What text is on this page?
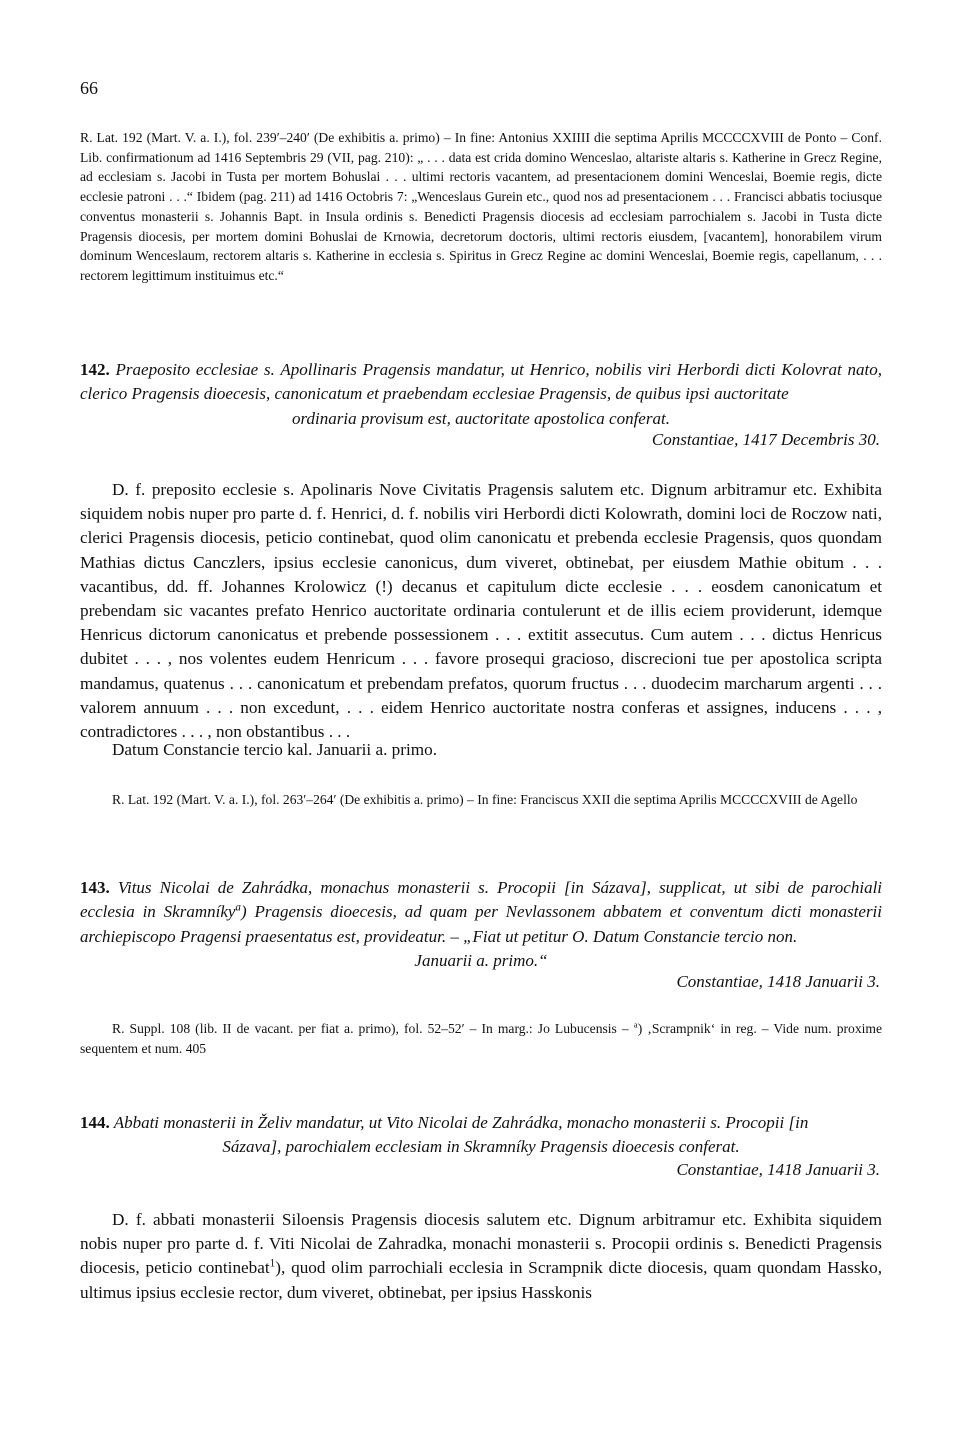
66
R. Lat. 192 (Mart. V. a. I.), fol. 239′–240′ (De exhibitis a. primo) – In fine: Antonius XXIIII die septima Aprilis MCCCCXVIII de Ponto – Conf. Lib. confirmationum ad 1416 Septembris 29 (VII, pag. 210): „ . . . data est crida domino Wenceslao, altariste altaris s. Katherine in Grecz Regine, ad ecclesiam s. Jacobi in Tusta per mortem Bohuslai . . . ultimi rectoris vacantem, ad presentacionem domini Wenceslai, Boemie regis, dicte ecclesie patroni . . .“ Ibidem (pag. 211) ad 1416 Octobris 7: „Wenceslaus Gurein etc., quod nos ad presentacionem . . . Francisci abbatis tociusque conventus monasterii s. Johannis Bapt. in Insula ordinis s. Benedicti Pragensis diocesis ad ecclesiam parrochialem s. Jacobi in Tusta dicte Pragensis diocesis, per mortem domini Bohuslai de Krnowia, decretorum doctoris, ultimi rectoris eiusdem, [vacantem], honorabilem virum dominum Wenceslaum, rectorem altaris s. Katherine in ecclesia s. Spiritus in Grecz Regine ac domini Wenceslai, Boemie regis, capellanum, . . . rectorem legittimum instituimus etc.“
142. Praeposito ecclesiae s. Apollinaris Pragensis mandatur, ut Henrico, nobilis viri Herbordi dicti Kolovrat nato, clerico Pragensis dioecesis, canonicatum et praebendam ecclesiae Pragensis, de quibus ipsi auctoritate
ordinaria provisum est, auctoritate apostolica conferat.
Constantiae, 1417 Decembris 30.
D. f. preposito ecclesie s. Apolinaris Nove Civitatis Pragensis salutem etc. Dignum arbitramur etc. Exhibita siquidem nobis nuper pro parte d. f. Henrici, d. f. nobilis viri Herbordi dicti Kolowrath, domini loci de Roczow nati, clerici Pragensis diocesis, peticio continebat, quod olim canonicatu et prebenda ecclesie Pragensis, quos quondam Mathias dictus Canczlers, ipsius ecclesie canonicus, dum viveret, obtinebat, per eiusdem Mathie obitum . . . vacantibus, dd. ff. Johannes Krolowicz (!) decanus et capitulum dicte ecclesie . . . eosdem canonicatum et prebendam sic vacantes prefato Henrico auctoritate ordinaria contulerunt et de illis eciem providerunt, idemque Henricus dictorum canonicatus et prebende possessionem . . . extitit assecutus. Cum autem . . . dictus Henricus dubitet . . . , nos volentes eudem Henricum . . . favore prosequi gracioso, discrecioni tue per apostolica scripta mandamus, quatenus . . . canonicatum et prebendam prefatos, quorum fructus . . . duodecim marcharum argenti . . . valorem annuum . . . non excedunt, . . . eidem Henrico auctoritate nostra conferas et assignes, inducens . . . , contradictores . . . , non obstantibus . . .
Datum Constancie tercio kal. Januarii a. primo.
R. Lat. 192 (Mart. V. a. I.), fol. 263′–264′ (De exhibitis a. primo) – In fine: Franciscus XXII die septima Aprilis MCCCCXVIII de Agello
143. Vitus Nicolai de Zahrádka, monachus monasterii s. Procopii [in Sázava], supplicat, ut sibi de parochiali ecclesia in Skramníky$^a$) Pragensis dioecesis, ad quam per Nevlassonem abbatem et conventum dicti monasterii archiepiscopo Pragensi praesentatus est, provideatur. – „Fiat ut petitur O. Datum Constancie tercio non.
Januarii a. primo.“
Constantiae, 1418 Januarii 3.
R. Suppl. 108 (lib. II de vacant. per fiat a. primo), fol. 52–52′ – In marg.: Jo Lubucensis – $^a$) ‚Scrampnik‘ in reg. – Vide num. proxime sequentem et num. 405
144. Abbati monasterii in Želiv mandatur, ut Vito Nicolai de Zahrádka, monacho monasterii s. Procopii [in
Sázava], parochialem ecclesiam in Skramníky Pragensis dioecesis conferat.
Constantiae, 1418 Januarii 3.
D. f. abbati monasterii Siloensis Pragensis diocesis salutem etc. Dignum arbitramur etc. Exhibita siquidem nobis nuper pro parte d. f. Viti Nicolai de Zahradka, monachi monasterii s. Procopii ordinis s. Benedicti Pragensis diocesis, peticio continebat$^1$), quod olim parrochiali ecclesia in Scrampnik dicte diocesis, quam quondam Hassko, ultimus ipsius ecclesie rector, dum viveret, obtinebat, per ipsius Hasskonis
